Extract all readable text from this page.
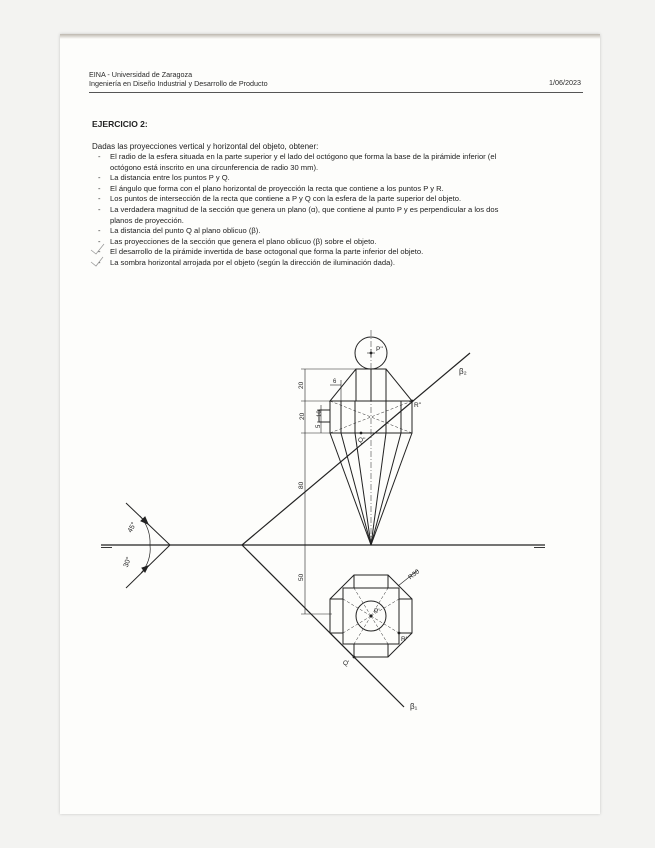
EINA - Universidad de Zaragoza
Ingeniería en Diseño Industrial y Desarrollo de Producto	1/06/2023
EJERCICIO 2:
Dadas las proyecciones vertical y horizontal del objeto, obtener:
- El radio de la esfera situada en la parte superior y el lado del octógono que forma la base de la pirámide inferior (el
octógono está inscrito en una circunferencia de radio 30 mm).
- La distancia entre los puntos P y Q.
- El ángulo que forma con el plano horizontal de proyección la recta que contiene a los puntos P y R.
- Los puntos de intersección de la recta que contiene a P y Q con la esfera de la parte superior del objeto.
- La verdadera magnitud de la sección que genera un plano (α), que contiene al punto P y es perpendicular a los dos
planos de proyección.
- La distancia del punto Q al plano oblicuo (β).
- Las proyecciones de la sección que genera el plano oblicuo (β) sobre el objeto.
- El desarrollo de la pirámide invertida de base octogonal que forma la parte inferior del objeto.
- La sombra horizontal arrojada por el objeto (según la dirección de iluminación dada).
β₂
β₁
45°
30°
P''
R''
Q''
20
20
6
10
5
80
50	R30
P'
R'
Q'
